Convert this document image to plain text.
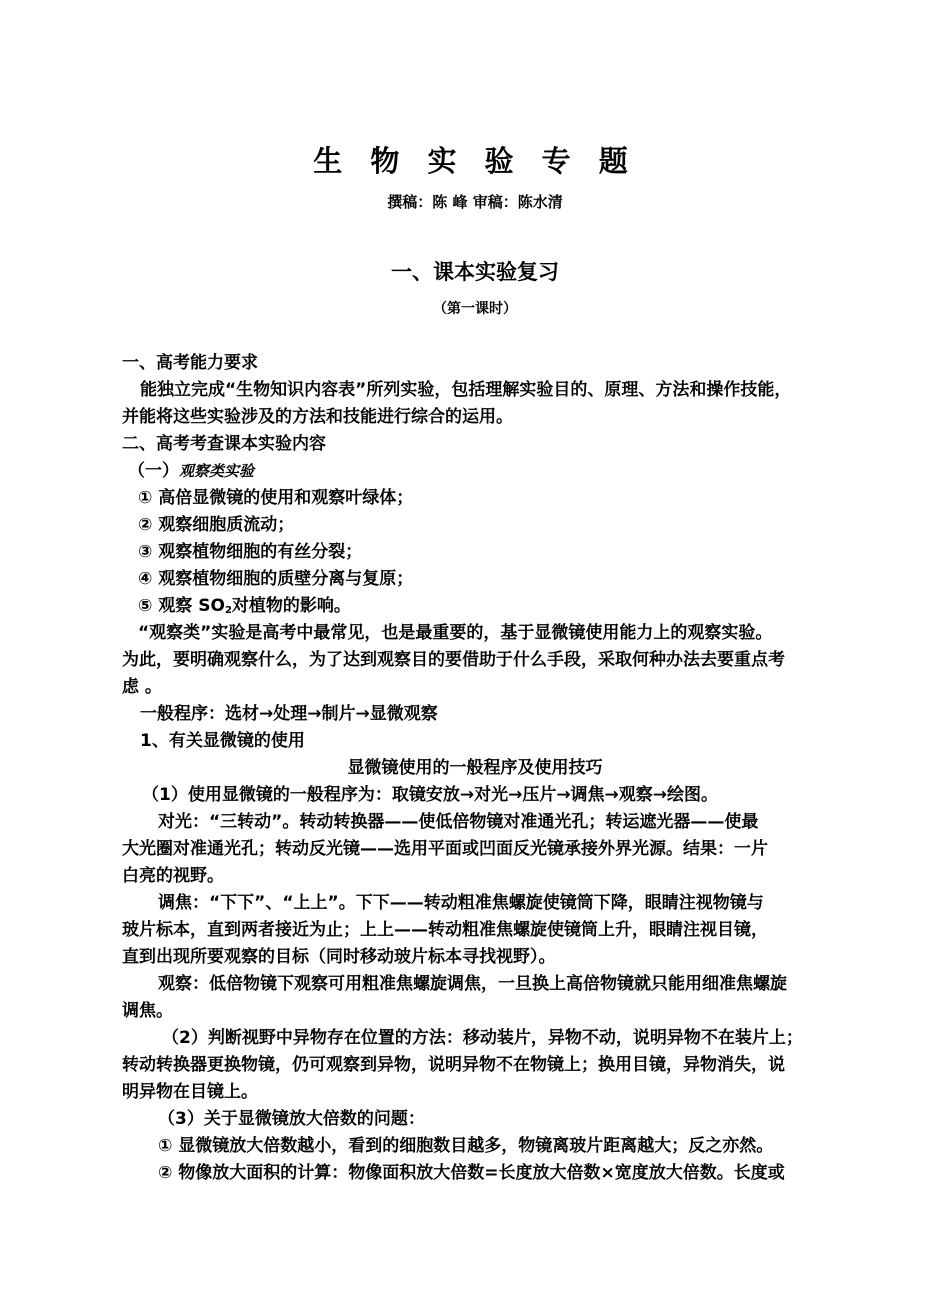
生 物 实 验 专 题
撰稿：陈 峰 审稿：陈水清
一、课本实验复习
（第一课时）
一、高考能力要求
能独立完成“生物知识内容表”所列实验，包括理解实验目的、原理、方法和操作技能，
并能将这些实验涉及的方法和技能进行综合的运用。
二、高考考查课本实验内容
（一）观察类实验
① 高倍显微镜的使用和观察叶绿体；
② 观察细胞质流动；
③ 观察植物细胞的有丝分裂；
④ 观察植物细胞的质壁分离与复原；
⑤ 观察 $SO_2$对植物的影响。
“观察类”实验是高考中最常见，也是最重要的，基于显微镜使用能力上的观察实验。
为此，要明确观察什么，为了达到观察目的要借助于什么手段，采取何种办法去要重点考
虑 。
一般程序：选材→处理→制片→显微观察
1、有关显微镜的使用
显微镜使用的一般程序及使用技巧
（1）使用显微镜的一般程序为：取镜安放→对光→压片→调焦→观察→绘图。
对光：“三转动”。转动转换器——使低倍物镜对准通光孔；转运遮光器——使最
大光圈对准通光孔；转动反光镜——选用平面或凹面反光镜承接外界光源。结果：一片
白亮的视野。
调焦：“下下”、“上上”。下下——转动粗准焦螺旋使镜筒下降，眼睛注视物镜与
玻片标本，直到两者接近为止；上上——转动粗准焦螺旋使镜筒上升，眼睛注视目镜，
直到出现所要观察的目标（同时移动玻片标本寻找视野）。
观察：低倍物镜下观察可用粗准焦螺旋调焦，一旦换上高倍物镜就只能用细准焦螺旋
调焦。
（2）判断视野中异物存在位置的方法：移动装片，异物不动，说明异物不在装片上；
转动转换器更换物镜，仍可观察到异物，说明异物不在物镜上；换用目镜，异物消失，说
明异物在目镜上。
（3）关于显微镜放大倍数的问题：
① 显微镜放大倍数越小，看到的细胞数目越多，物镜离玻片距离越大；反之亦然。
② 物像放大面积的计算：物像面积放大倍数=长度放大倍数×宽度放大倍数。长度或
